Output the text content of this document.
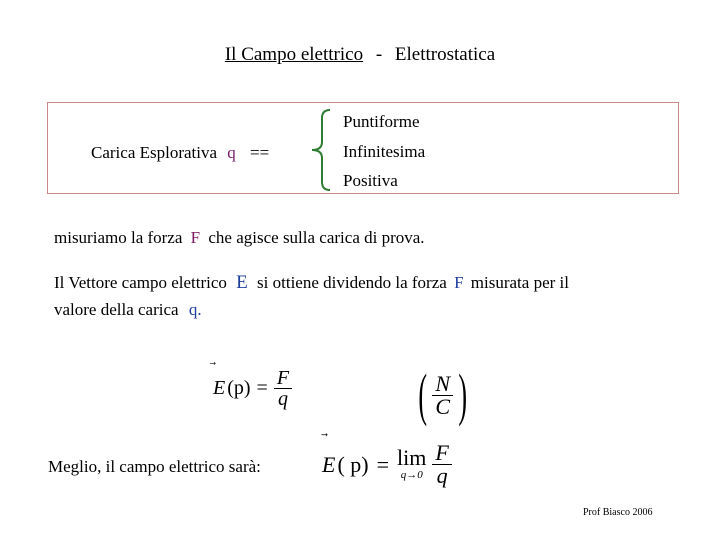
Il Campo elettrico - Elettrostatica
Carica Esplorativa q ==
Puntiforme
Infinitesima
Positiva
misuriamo la forza F che agisce sulla carica di prova.
Il Vettore campo elettrico E si ottiene dividendo la forza F misurata per il
valore della carica q.
E $(p) = \frac{F}{q}$ ( $\frac{N}{C}$ )
Meglio, il campo elettrico sarà:	E ( p) = lim
$q\to 0 \frac{F}{q}$
Prof Biasco 2006
